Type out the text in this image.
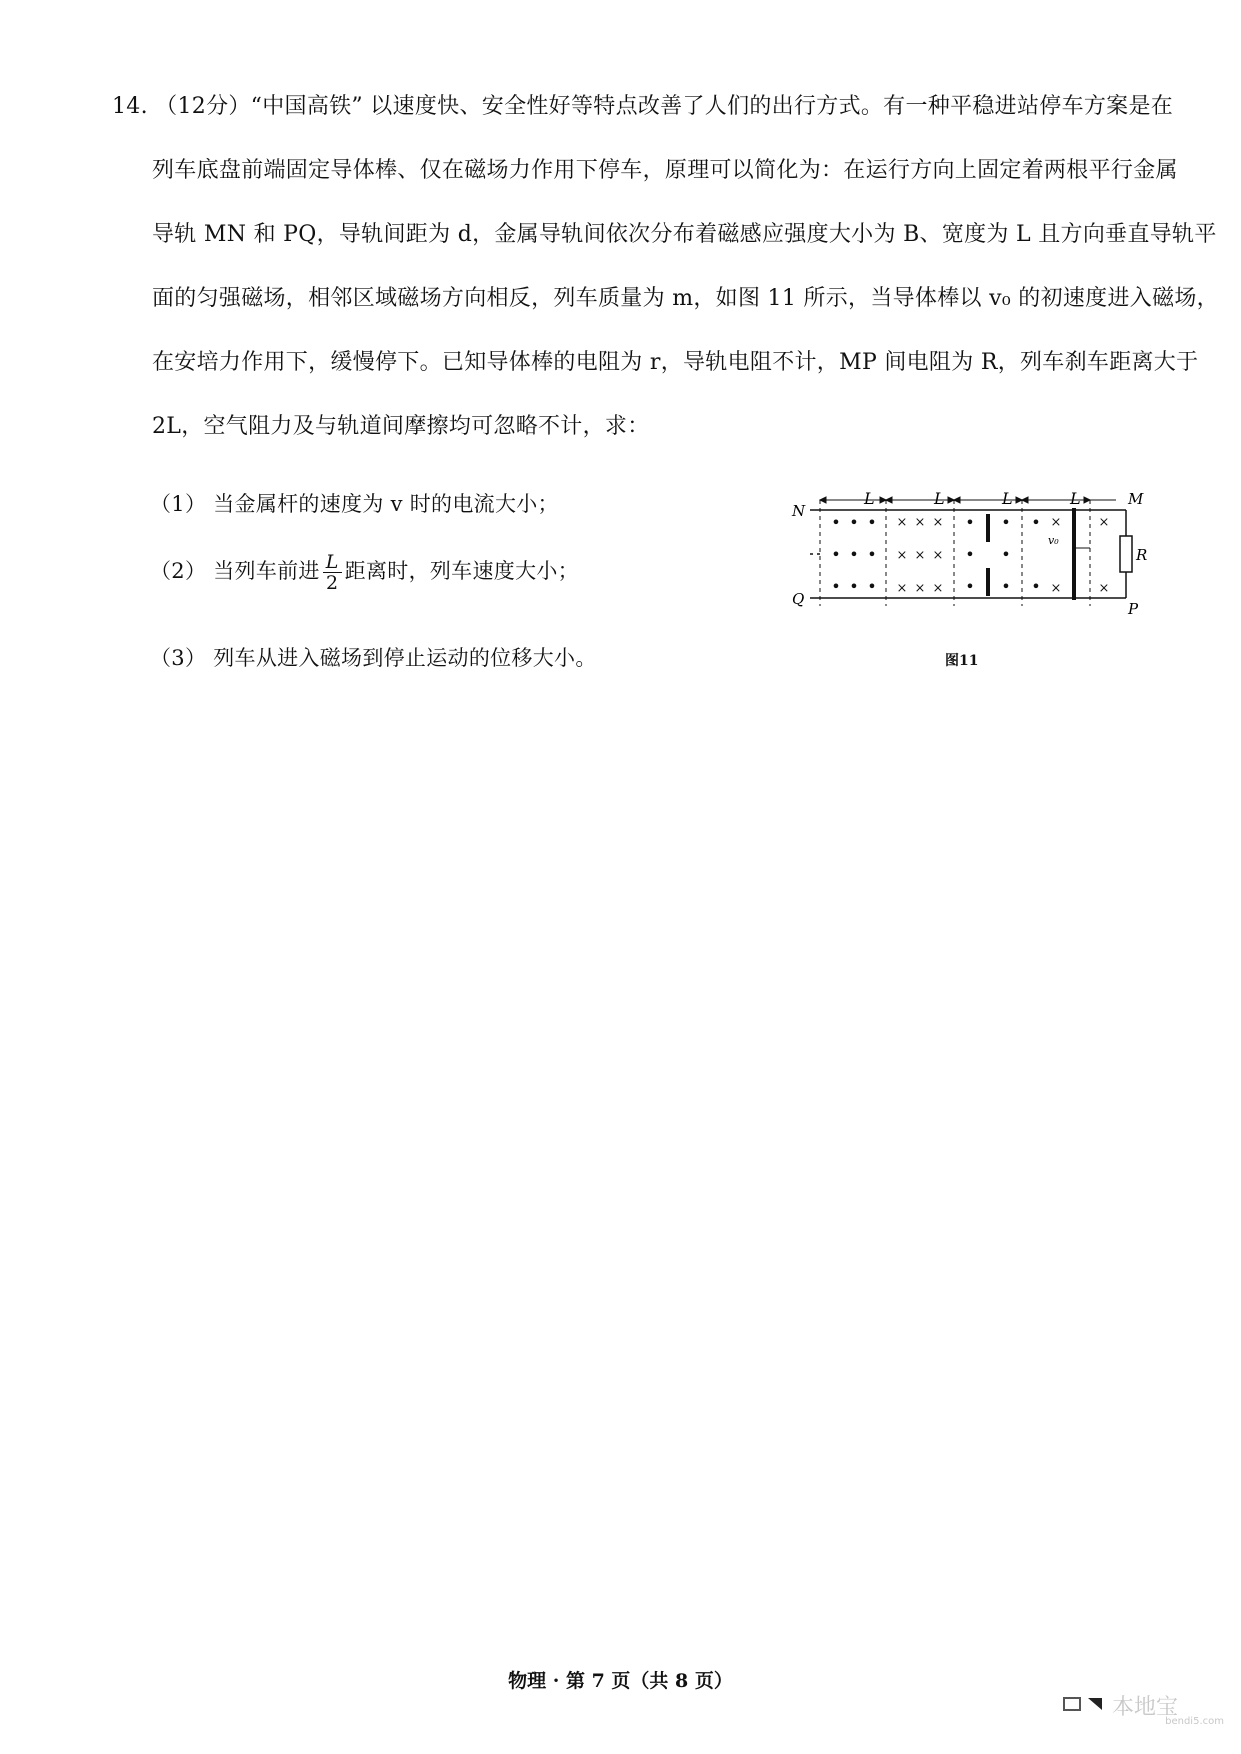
14. （12分）“中国高铁” 以速度快、安全性好等特点改善了人们的出行方式。有一种平稳进站停车方案是在
列车底盘前端固定导体棒、仅在磁场力作用下停车，原理可以简化为：在运行方向上固定着两根平行金属
导轨 MN 和 PQ，导轨间距为 d，金属导轨间依次分布着磁感应强度大小为 B、宽度为 L 且方向垂直导轨平
面的匀强磁场，相邻区域磁场方向相反，列车质量为 m，如图 11 所示，当导体棒以 v₀ 的初速度进入磁场，
在安培力作用下，缓慢停下。已知导体棒的电阻为 r，导轨电阻不计，MP 间电阻为 R，列车刹车距离大于
2L，空气阻力及与轨道间摩擦均可忽略不计，求：
（1） 当金属杆的速度为 v 时的电流大小；
（2） 当列车前进 $\frac{L}{2}$ 距离时，列车速度大小；
（3） 列车从进入磁场到停止运动的位移大小。
L	L	L	L
• • •
• • •
• • •
× × ×
× × ×
× × ×
• •
• •
• •
•
•
×
×
×
×
v₀
N
Q
M
P
R
图11
物理 · 第 7 页（共 8 页）
本地宝
bendi5.com
